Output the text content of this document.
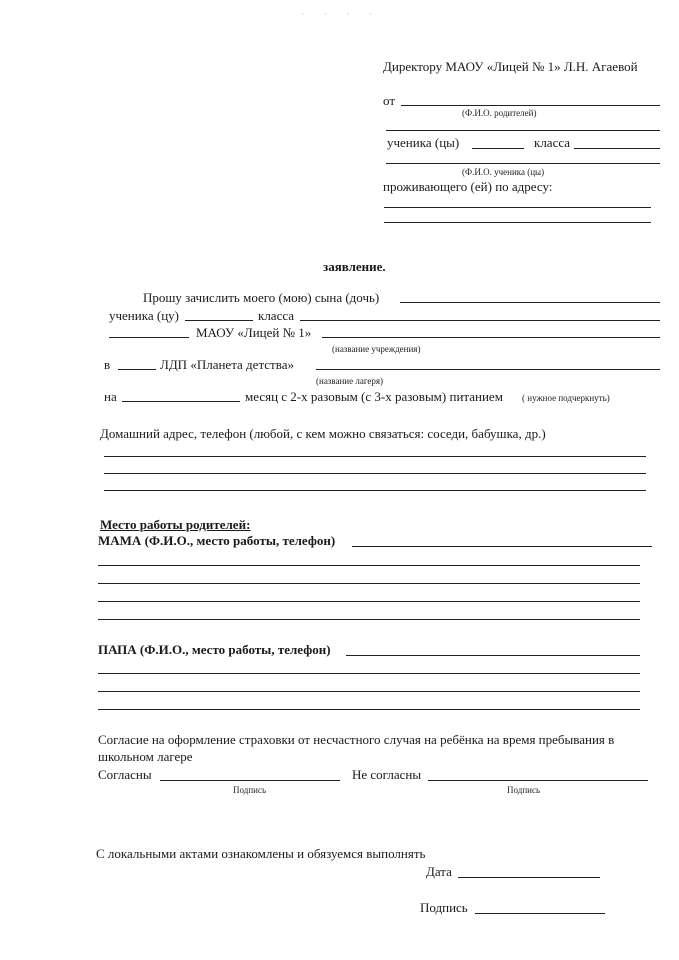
· · · ·
Директору МАОУ «Лицей № 1» Л.Н. Агаевой
от
(Ф.И.О. родителей)
ученика (цы)	класса
(Ф.И.О. ученика (цы)
проживающего (ей) по адресу:
заявление.
Прошу зачислить моего (мою) сына (дочь)
ученика (цу)	класса
МАОУ «Лицей № 1»
(название учреждения)
в	ЛДП «Планета детства»
(название лагеря)
на	месяц с 2-х разовым (с 3-х разовым) питанием ( нужное подчеркнуть)
Домашний адрес, телефон (любой, с кем можно связаться: соседи, бабушка, др.)
Место работы родителей:
МАМА (Ф.И.О., место работы, телефон)
ПАПА (Ф.И.О., место работы, телефон)
Согласие на оформление страховки от несчастного случая на ребёнка на время пребывания в
школьном лагере
Согласны
Подпись
Не согласны
Подпись
С локальными актами ознакомлены и обязуемся выполнять
Дата
Подпись
